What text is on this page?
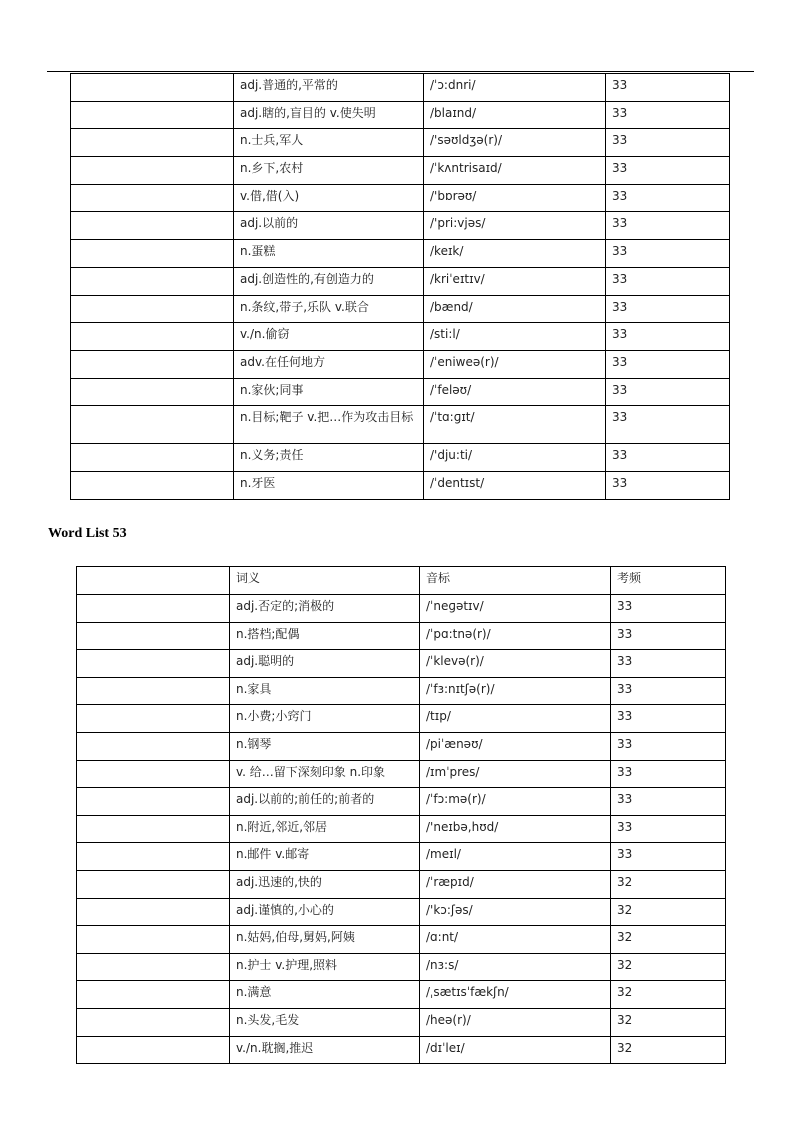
	adj.普通的,平常的	/ˈɔ:dnri/	33
	adj.瞎的,盲目的 v.使失明	/blaɪnd/	33
	n.士兵,军人	/'səʊldʒə(r)/	33
	n.乡下,农村	/ˈkʌntrisaɪd/	33
	v.借,借(入)	/'bɒrəʊ/	33
	adj.以前的	/'pri:vjəs/	33
	n.蛋糕	/keɪk/	33
	adj.创造性的,有创造力的	/kriˈeɪtɪv/	33
	n.条纹,带子,乐队 v.联合	/bænd/	33
	v./n.偷窃	/sti:l/	33
	adv.在任何地方	/ˈeniweə(r)/	33
	n.家伙;同事	/ˈfeləʊ/	33
	n.目标;靶子 v.把…作为攻击目标	/ˈtɑ:ɡɪt/	33
	n.义务;责任	/'dju:ti/	33
	n.牙医	/ˈdentɪst/	33
Word List 53
	词义	音标	考频
	adj.否定的;消极的	/ˈneɡətɪv/	33
	n.搭档;配偶	/ˈpɑ:tnə(r)/	33
	adj.聪明的	/ˈklevə(r)/	33
	n.家具	/ˈfɜ:nɪtʃə(r)/	33
	n.小费;小窍门	/tɪp/	33
	n.钢琴	/piˈænəʊ/	33
	v. 给…留下深刻印象 n.印象	/ɪmˈpres/	33
	adj.以前的;前任的;前者的	/ˈfɔ:mə(r)/	33
	n.附近,邻近,邻居	/'neɪbə,hʊd/	33
	n.邮件 v.邮寄	/meɪl/	33
	adj.迅速的,快的	/ˈræpɪd/	32
	adj.谨慎的,小心的	/'kɔ:ʃəs/	32
	n.姑妈,伯母,舅妈,阿姨	/ɑ:nt/	32
	n.护士 v.护理,照料	/nɜ:s/	32
	n.满意	/ˌsætɪsˈfækʃn/	32
	n.头发,毛发	/heə(r)/	32
	v./n.耽搁,推迟	/dɪˈleɪ/	32
